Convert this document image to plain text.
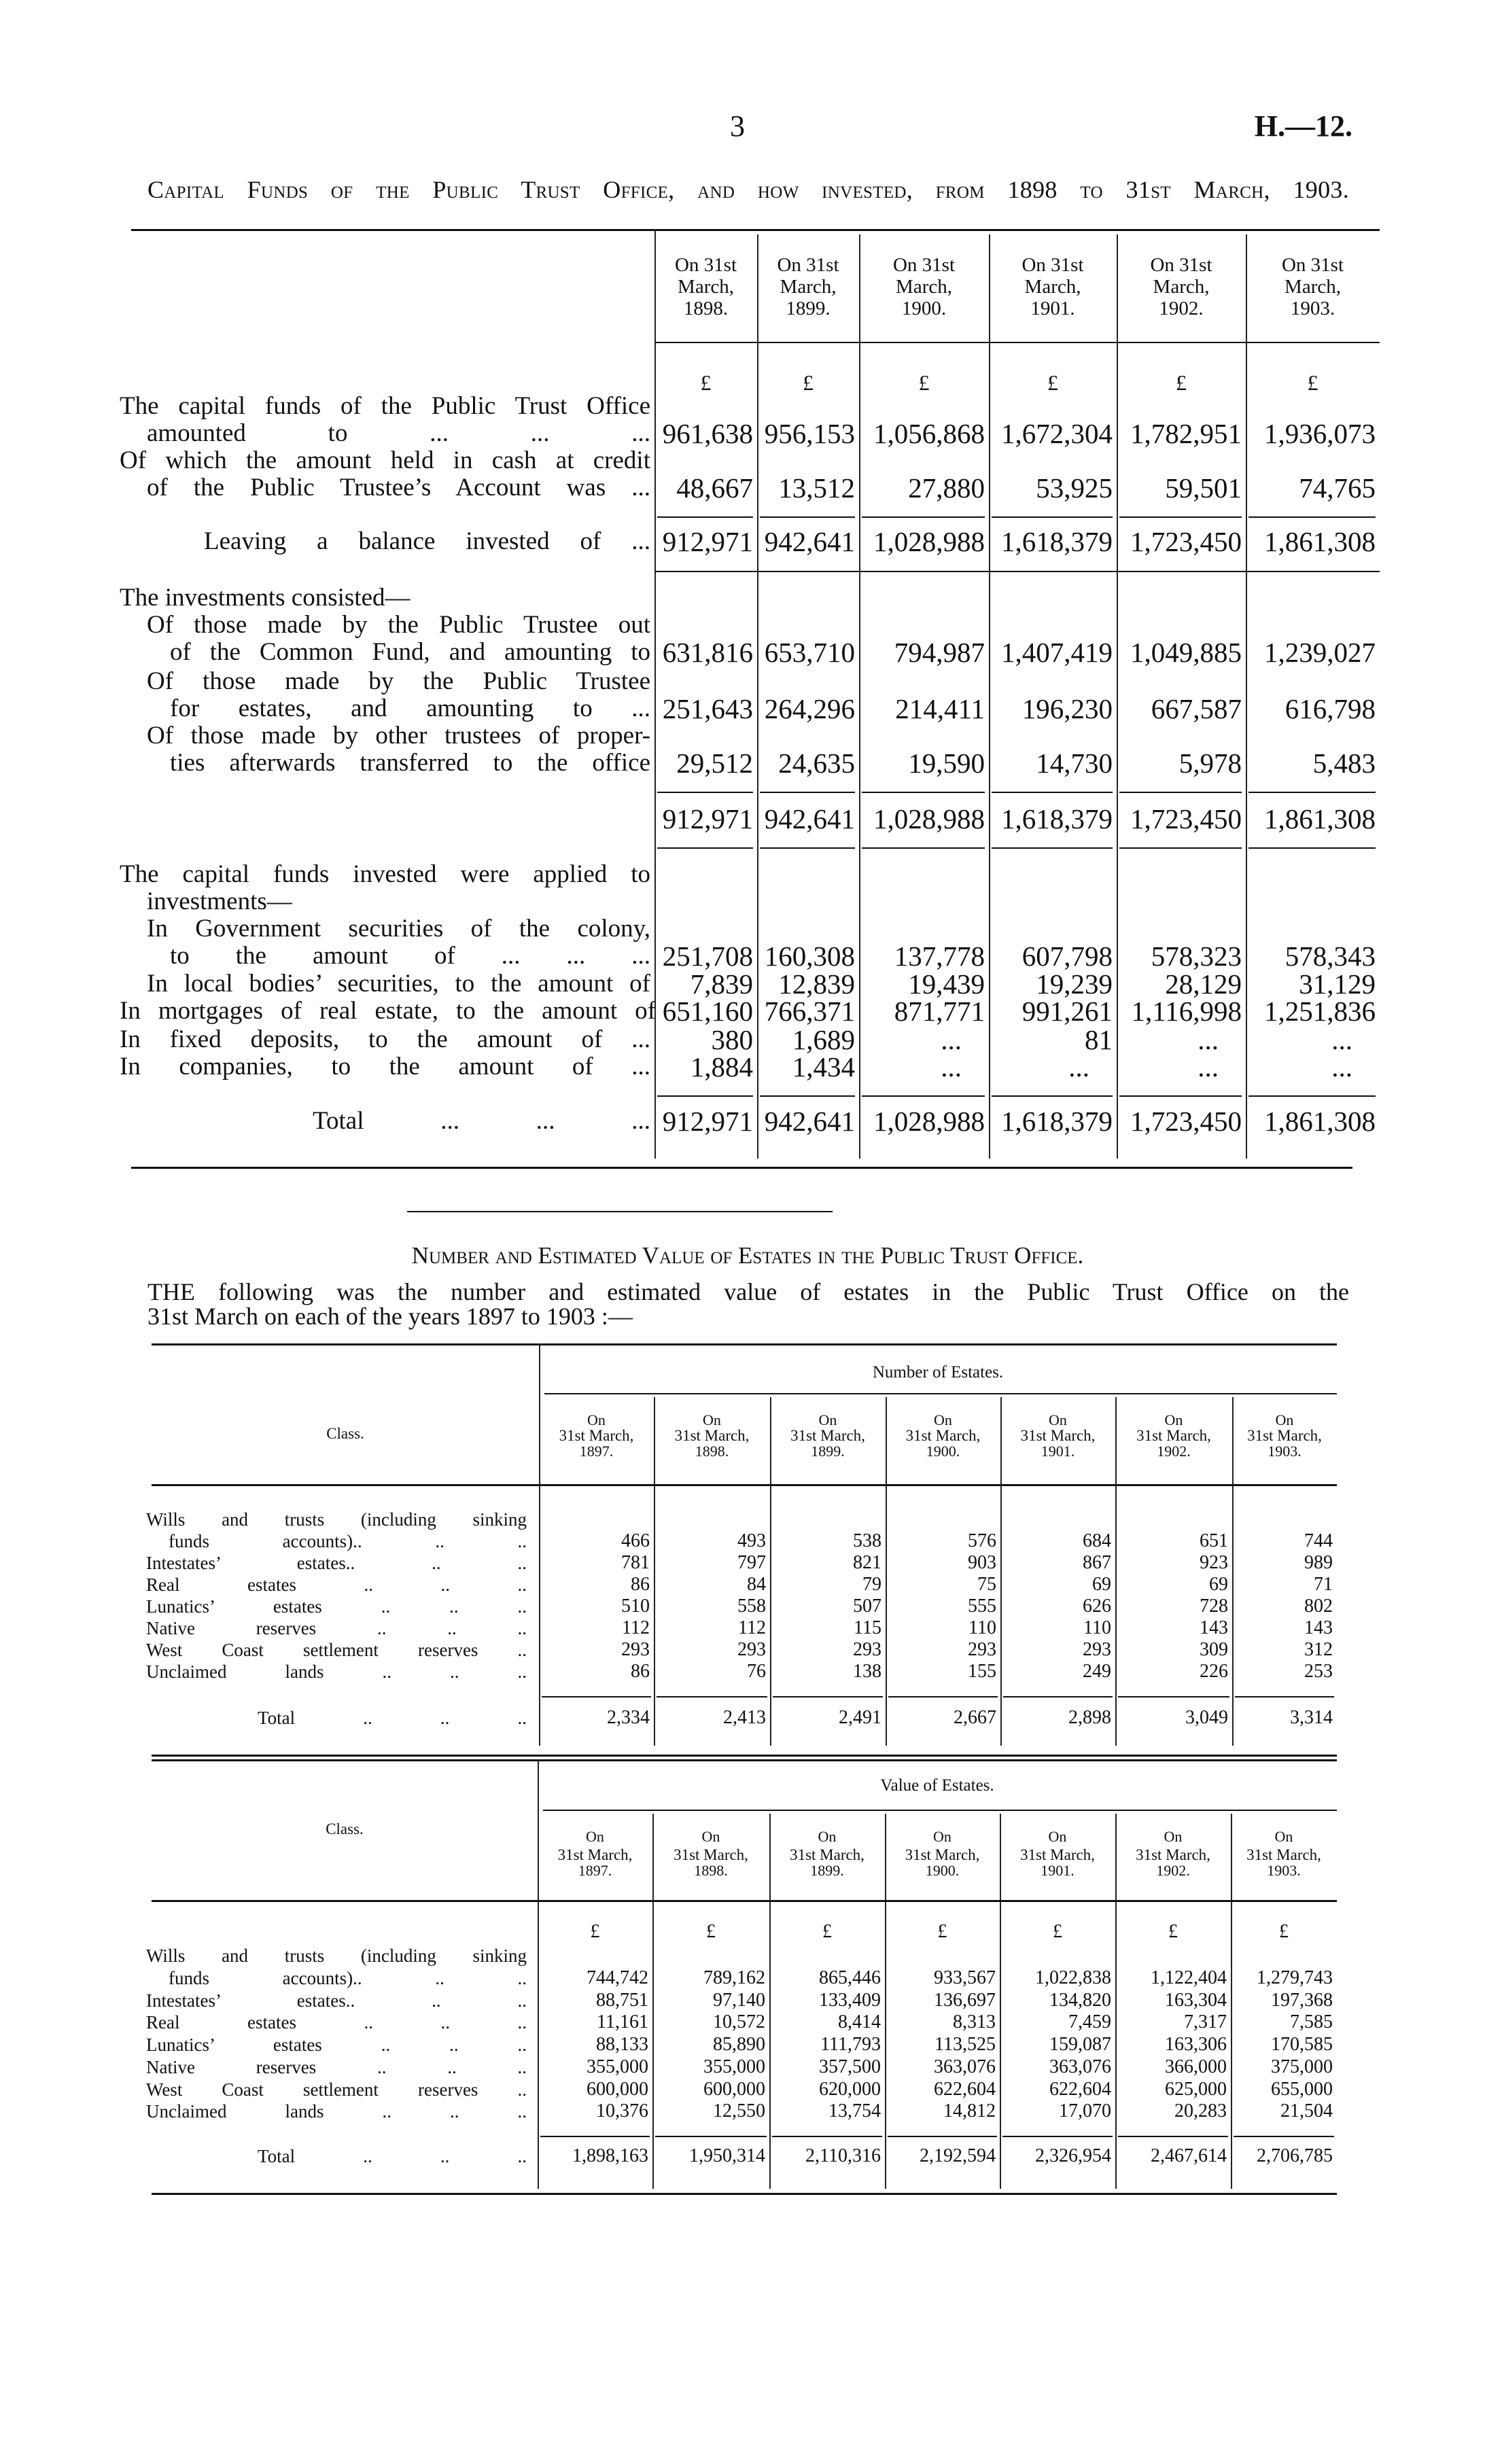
3	H.—12.
Capital Funds of the Public Trust Office, and how invested, from 1898 to 31st March, 1903.
Number and Estimated Value of Estates in the Public Trust Office.
THE following was the number and estimated value of estates in the Public Trust Office on the
31st March on each of the years 1897 to 1903 :—
On 31st
March,
1898.
On 31st
March,
1899.
On 31st
March,
1900.
On 31st
March,
1901.
On 31st
March,
1902.
On 31st
March,
1903.
£	£	£	£	£	£
The capital funds of the Public Trust Office
amounted to ... ... ... 961,638 956,153 1,056,868 1,672,304 1,782,951 1,936,073
Of which the amount held in cash at credit
of the Public Trustee’s Account was ... 48,667 13,512	27,880	53,925	59,501	74,765
Leaving a balance invested of ... 912,971 942,641 1,028,988 1,618,379 1,723,450 1,861,308
The investments consisted—
Of those made by the Public Trustee out
of the Common Fund, and amounting to 631,816 653,710	794,987 1,407,419 1,049,885 1,239,027
Of those made by the Public Trustee
for estates, and amounting to ... 251,643 264,296	214,411	196,230	667,587	616,798
Of those made by other trustees of proper-
ties afterwards transferred to the office 29,512 24,635	19,590	14,730	5,978	5,483
912,971 942,641 1,028,988 1,618,379 1,723,450 1,861,308
The capital funds invested were applied to
investments—
In Government securities of the colony,
to the amount of ... ... ... 251,708 160,308	137,778	607,798	578,323	578,343
In local bodies’ securities, to the amount of	7,839 12,839	19,439	19,239	28,129	31,129
In mortgages of real estate, to the amount of 651,160 766,371	871,771	991,261 1,116,998 1,251,836
In fixed deposits, to the amount of ...	380	1,689	...	81	...	...
In companies, to the amount of ...	1,884	1,434	...	...	...	...
Total ... ... ... 912,971 942,641 1,028,988 1,618,379 1,723,450 1,861,308
Number of Estates.
Class.
On
31st March,
1897.
On
31st March,
1898.
On
31st March,
1899.
On
31st March,
1900.
On
31st March,
1901.
On
31st March,
1902.
On
31st March,
1903.
Wills and trusts (including sinking
funds accounts).. .. ..	466	493	538	576	684	651	744
Intestates’ estates.. .. ..	781	797	821	903	867	923	989
Real estates .. .. ..	86	84	79	75	69	69	71
Lunatics’ estates .. .. ..	510	558	507	555	626	728	802
Native reserves .. .. ..	112	112	115	110	110	143	143
West Coast settlement reserves ..	293	293	293	293	293	309	312
Unclaimed lands .. .. ..	86	76	138	155	249	226	253
Total .. .. ..	2,334	2,413	2,491	2,667	2,898	3,049	3,314
Value of Estates.
Class.	On
31st March,
1897.
On
31st March,
1898.
On
31st March,
1899.
On
31st March,
1900.
On
31st March,
1901.
On
31st March,
1902.
On
31st March,
1903.
£	£	£	£	£	£	£
Wills and trusts (including sinking
funds accounts).. .. ..	744,742	789,162	865,446	933,567	1,022,838	1,122,404	1,279,743
Intestates’ estates.. .. ..	88,751	97,140	133,409	136,697	134,820	163,304	197,368
Real estates .. .. ..	11,161	10,572	8,414	8,313	7,459	7,317	7,585
Lunatics’ estates .. .. ..	88,133	85,890	111,793	113,525	159,087	163,306	170,585
Native reserves .. .. ..	355,000	355,000	357,500	363,076	363,076	366,000	375,000
West Coast settlement reserves ..	600,000	600,000	620,000	622,604	622,604	625,000	655,000
Unclaimed lands .. .. ..	10,376	12,550	13,754	14,812	17,070	20,283	21,504
Total .. .. ..	1,898,163	1,950,314	2,110,316	2,192,594	2,326,954	2,467,614	2,706,785
